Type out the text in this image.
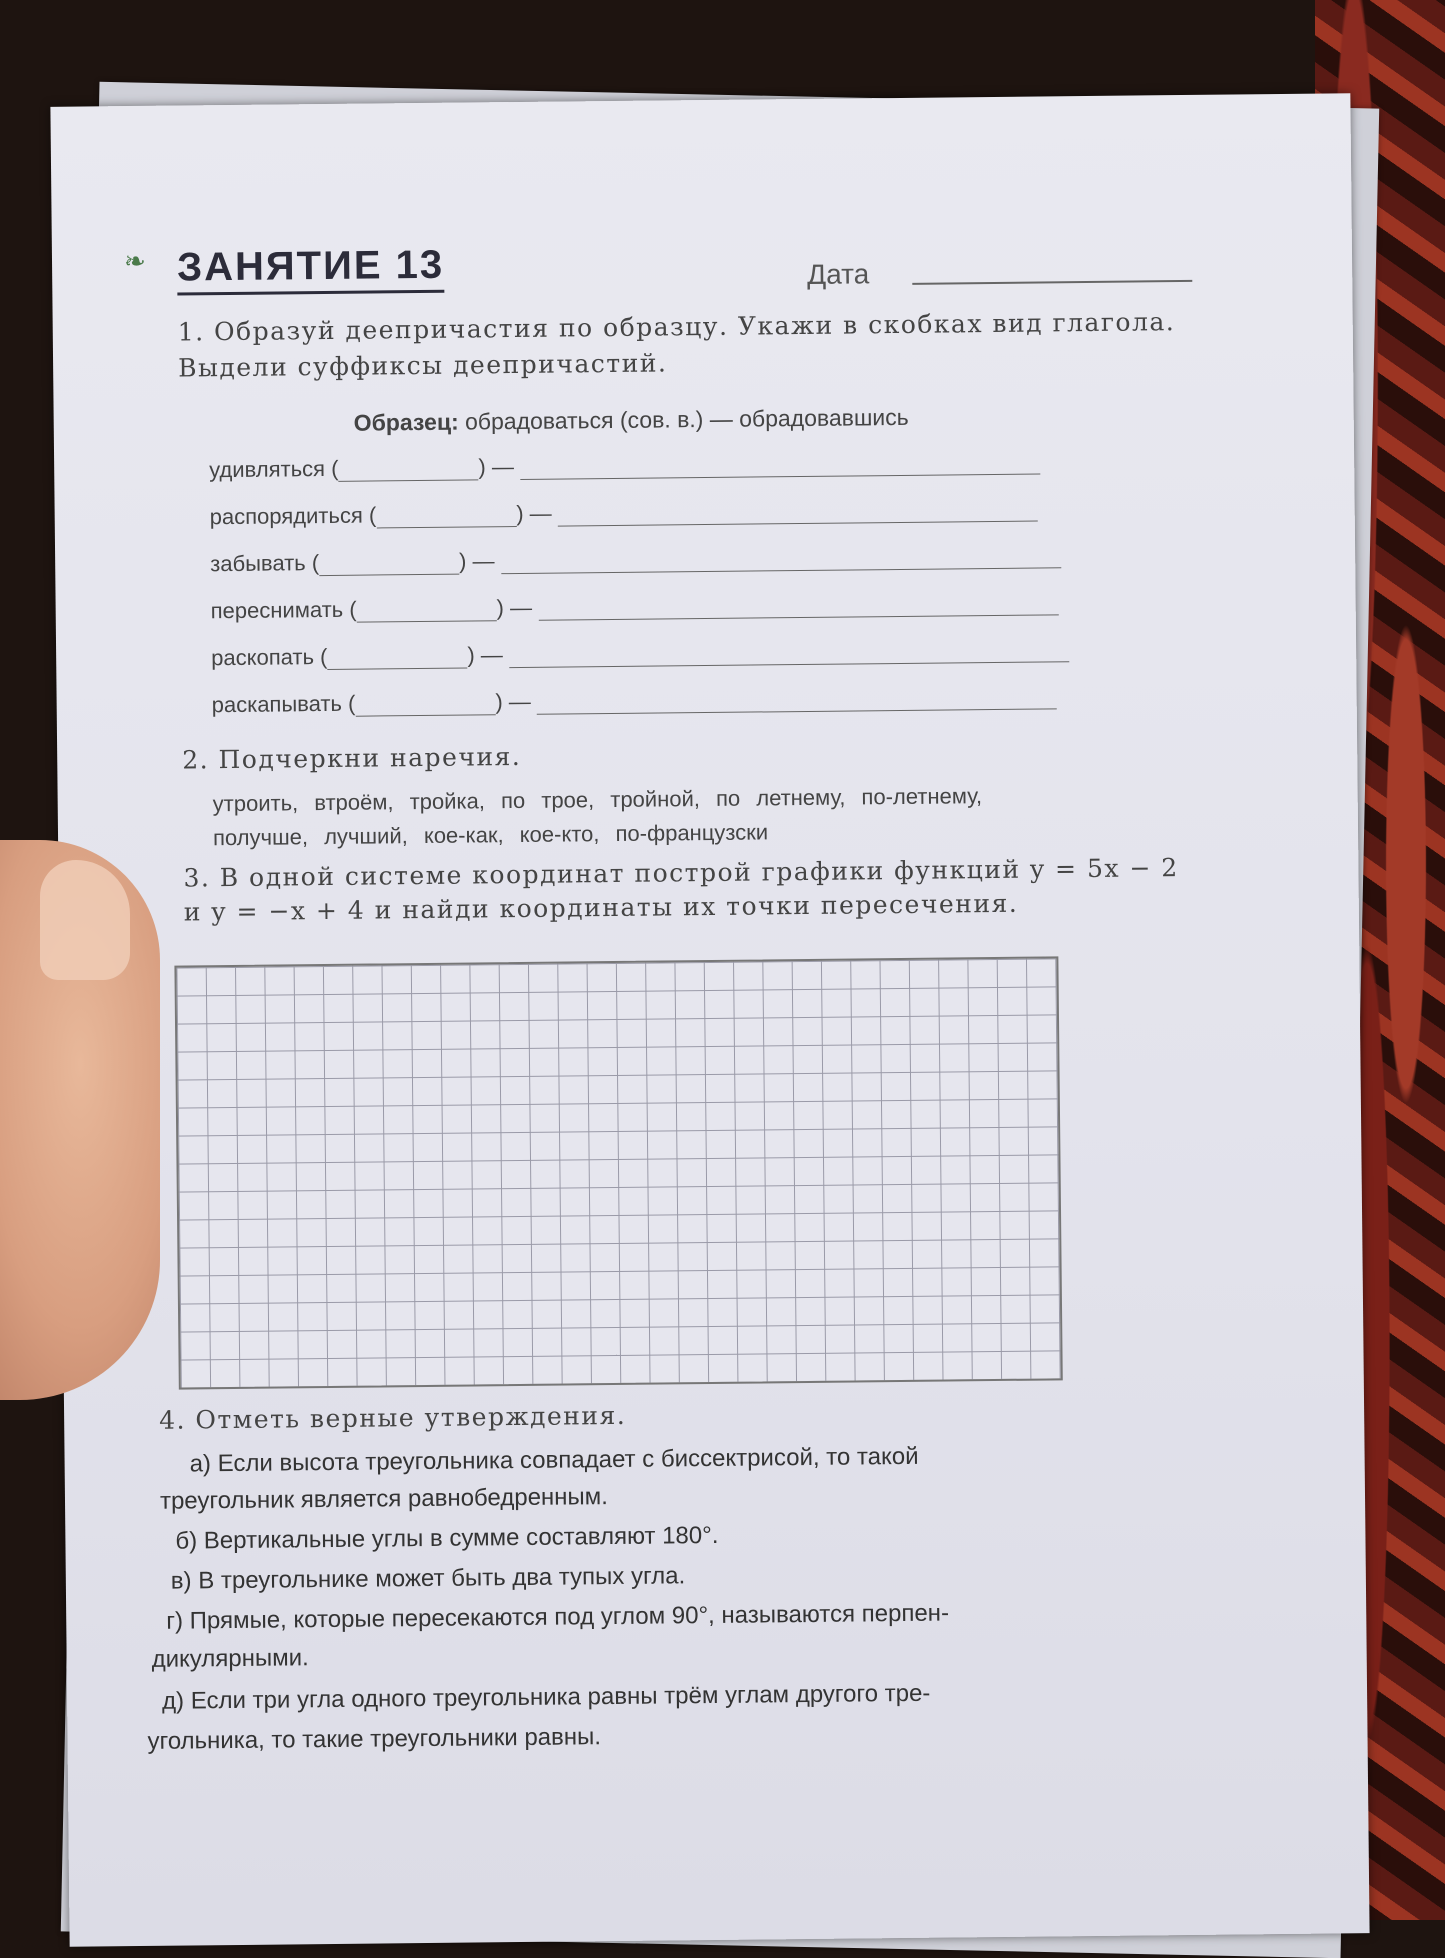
❧ ЗАНЯТИЕ 13	Дата
1. Образуй деепричастия по образцу. Укажи в скобках вид глагола.
Выдели суффиксы деепричастий.
Образец: обрадоваться (сов. в.) — обрадовавшись
удивляться (	) —
распорядиться (	) —
забывать (	) —
переснимать (	) —
раскопать (	) —
раскапывать (	) —
2. Подчеркни наречия.
утроить, втроём, тройка, по трое, тройной, по летнему, по-летнему,
получше, лучший, кое-как, кое-кто, по-французски
3. В одной системе координат построй графики функций y = 5x − 2
и y = −x + 4 и найди координаты их точки пересечения.
4. Отметь верные утверждения.
а) Если высота треугольника совпадает с биссектрисой, то такой
треугольник является равнобедренным.
б) Вертикальные углы в сумме составляют 180°.
в) В треугольнике может быть два тупых угла.
г) Прямые, которые пересекаются под углом 90°, называются перпен-
дикулярными.
д) Если три угла одного треугольника равны трём углам другого тре-
угольника, то такие треугольники равны.
